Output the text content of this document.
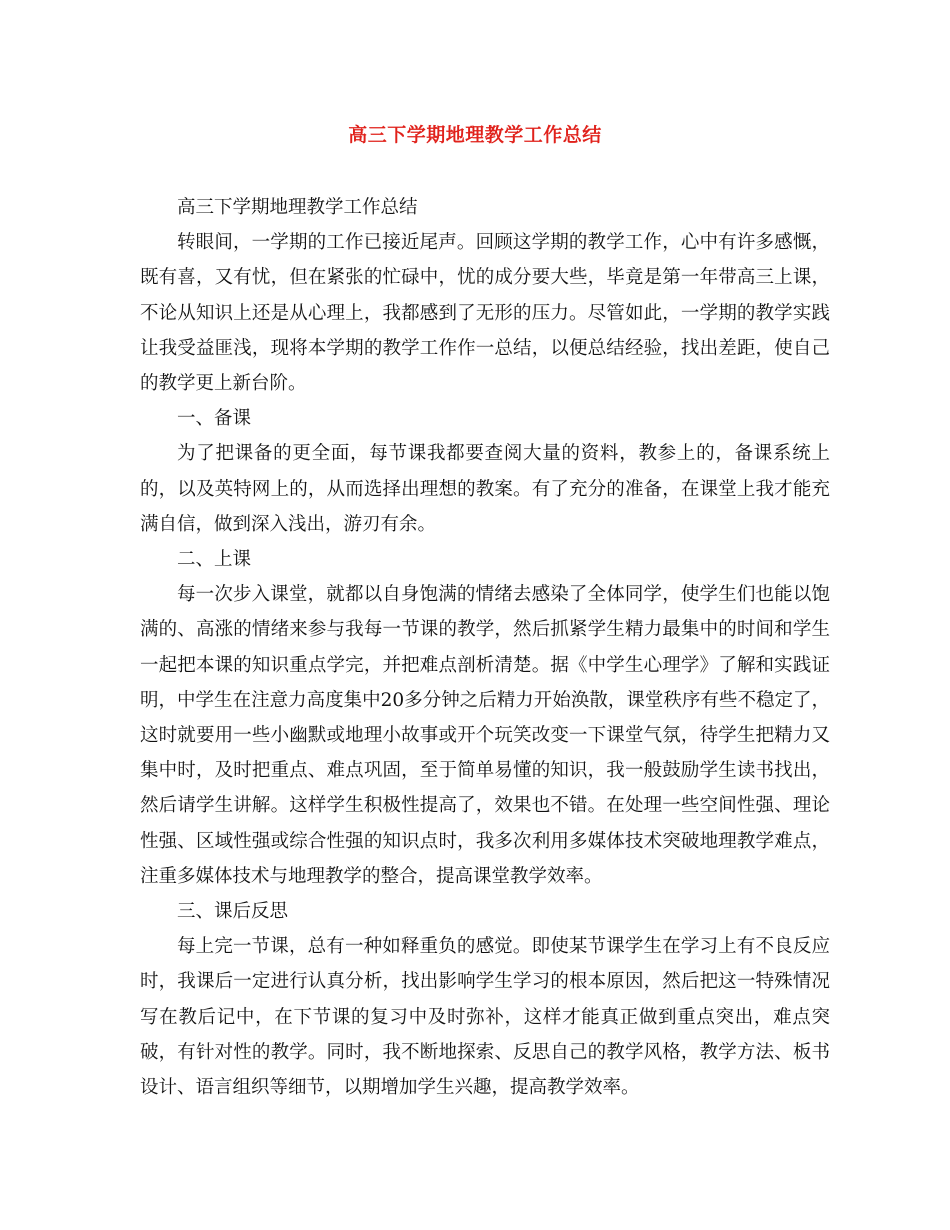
高三下学期地理教学工作总结

高三下学期地理教学工作总结

转眼间，一学期的工作已接近尾声。回顾这学期的教学工作，心中有许多感慨，既有喜，又有忧，但在紧张的忙碌中，忧的成分要大些，毕竟是第一年带高三上课，不论从知识上还是从心理上，我都感到了无形的压力。尽管如此，一学期的教学实践让我受益匪浅，现将本学期的教学工作作一总结，以便总结经验，找出差距，使自己的教学更上新台阶。

一、备课

为了把课备的更全面，每节课我都要查阅大量的资料，教参上的，备课系统上的，以及英特网上的，从而选择出理想的教案。有了充分的准备，在课堂上我才能充满自信，做到深入浅出，游刃有余。

二、上课

每一次步入课堂，就都以自身饱满的情绪去感染了全体同学，使学生们也能以饱满的、高涨的情绪来参与我每一节课的教学，然后抓紧学生精力最集中的时间和学生一起把本课的知识重点学完，并把难点剖析清楚。据《中学生心理学》了解和实践证明，中学生在注意力高度集中20多分钟之后精力开始涣散，课堂秩序有些不稳定了，这时就要用一些小幽默或地理小故事或开个玩笑改变一下课堂气氛，待学生把精力又集中时，及时把重点、难点巩固，至于简单易懂的知识，我一般鼓励学生读书找出，然后请学生讲解。这样学生积极性提高了，效果也不错。在处理一些空间性强、理论性强、区域性强或综合性强的知识点时，我多次利用多媒体技术突破地理教学难点，注重多媒体技术与地理教学的整合，提高课堂教学效率。

三、课后反思

每上完一节课，总有一种如释重负的感觉。即使某节课学生在学习上有不良反应时，我课后一定进行认真分析，找出影响学生学习的根本原因，然后把这一特殊情况写在教后记中，在下节课的复习中及时弥补，这样才能真正做到重点突出，难点突破，有针对性的教学。同时，我不断地探索、反思自己的教学风格，教学方法、板书设计、语言组织等细节，以期增加学生兴趣，提高教学效率。
